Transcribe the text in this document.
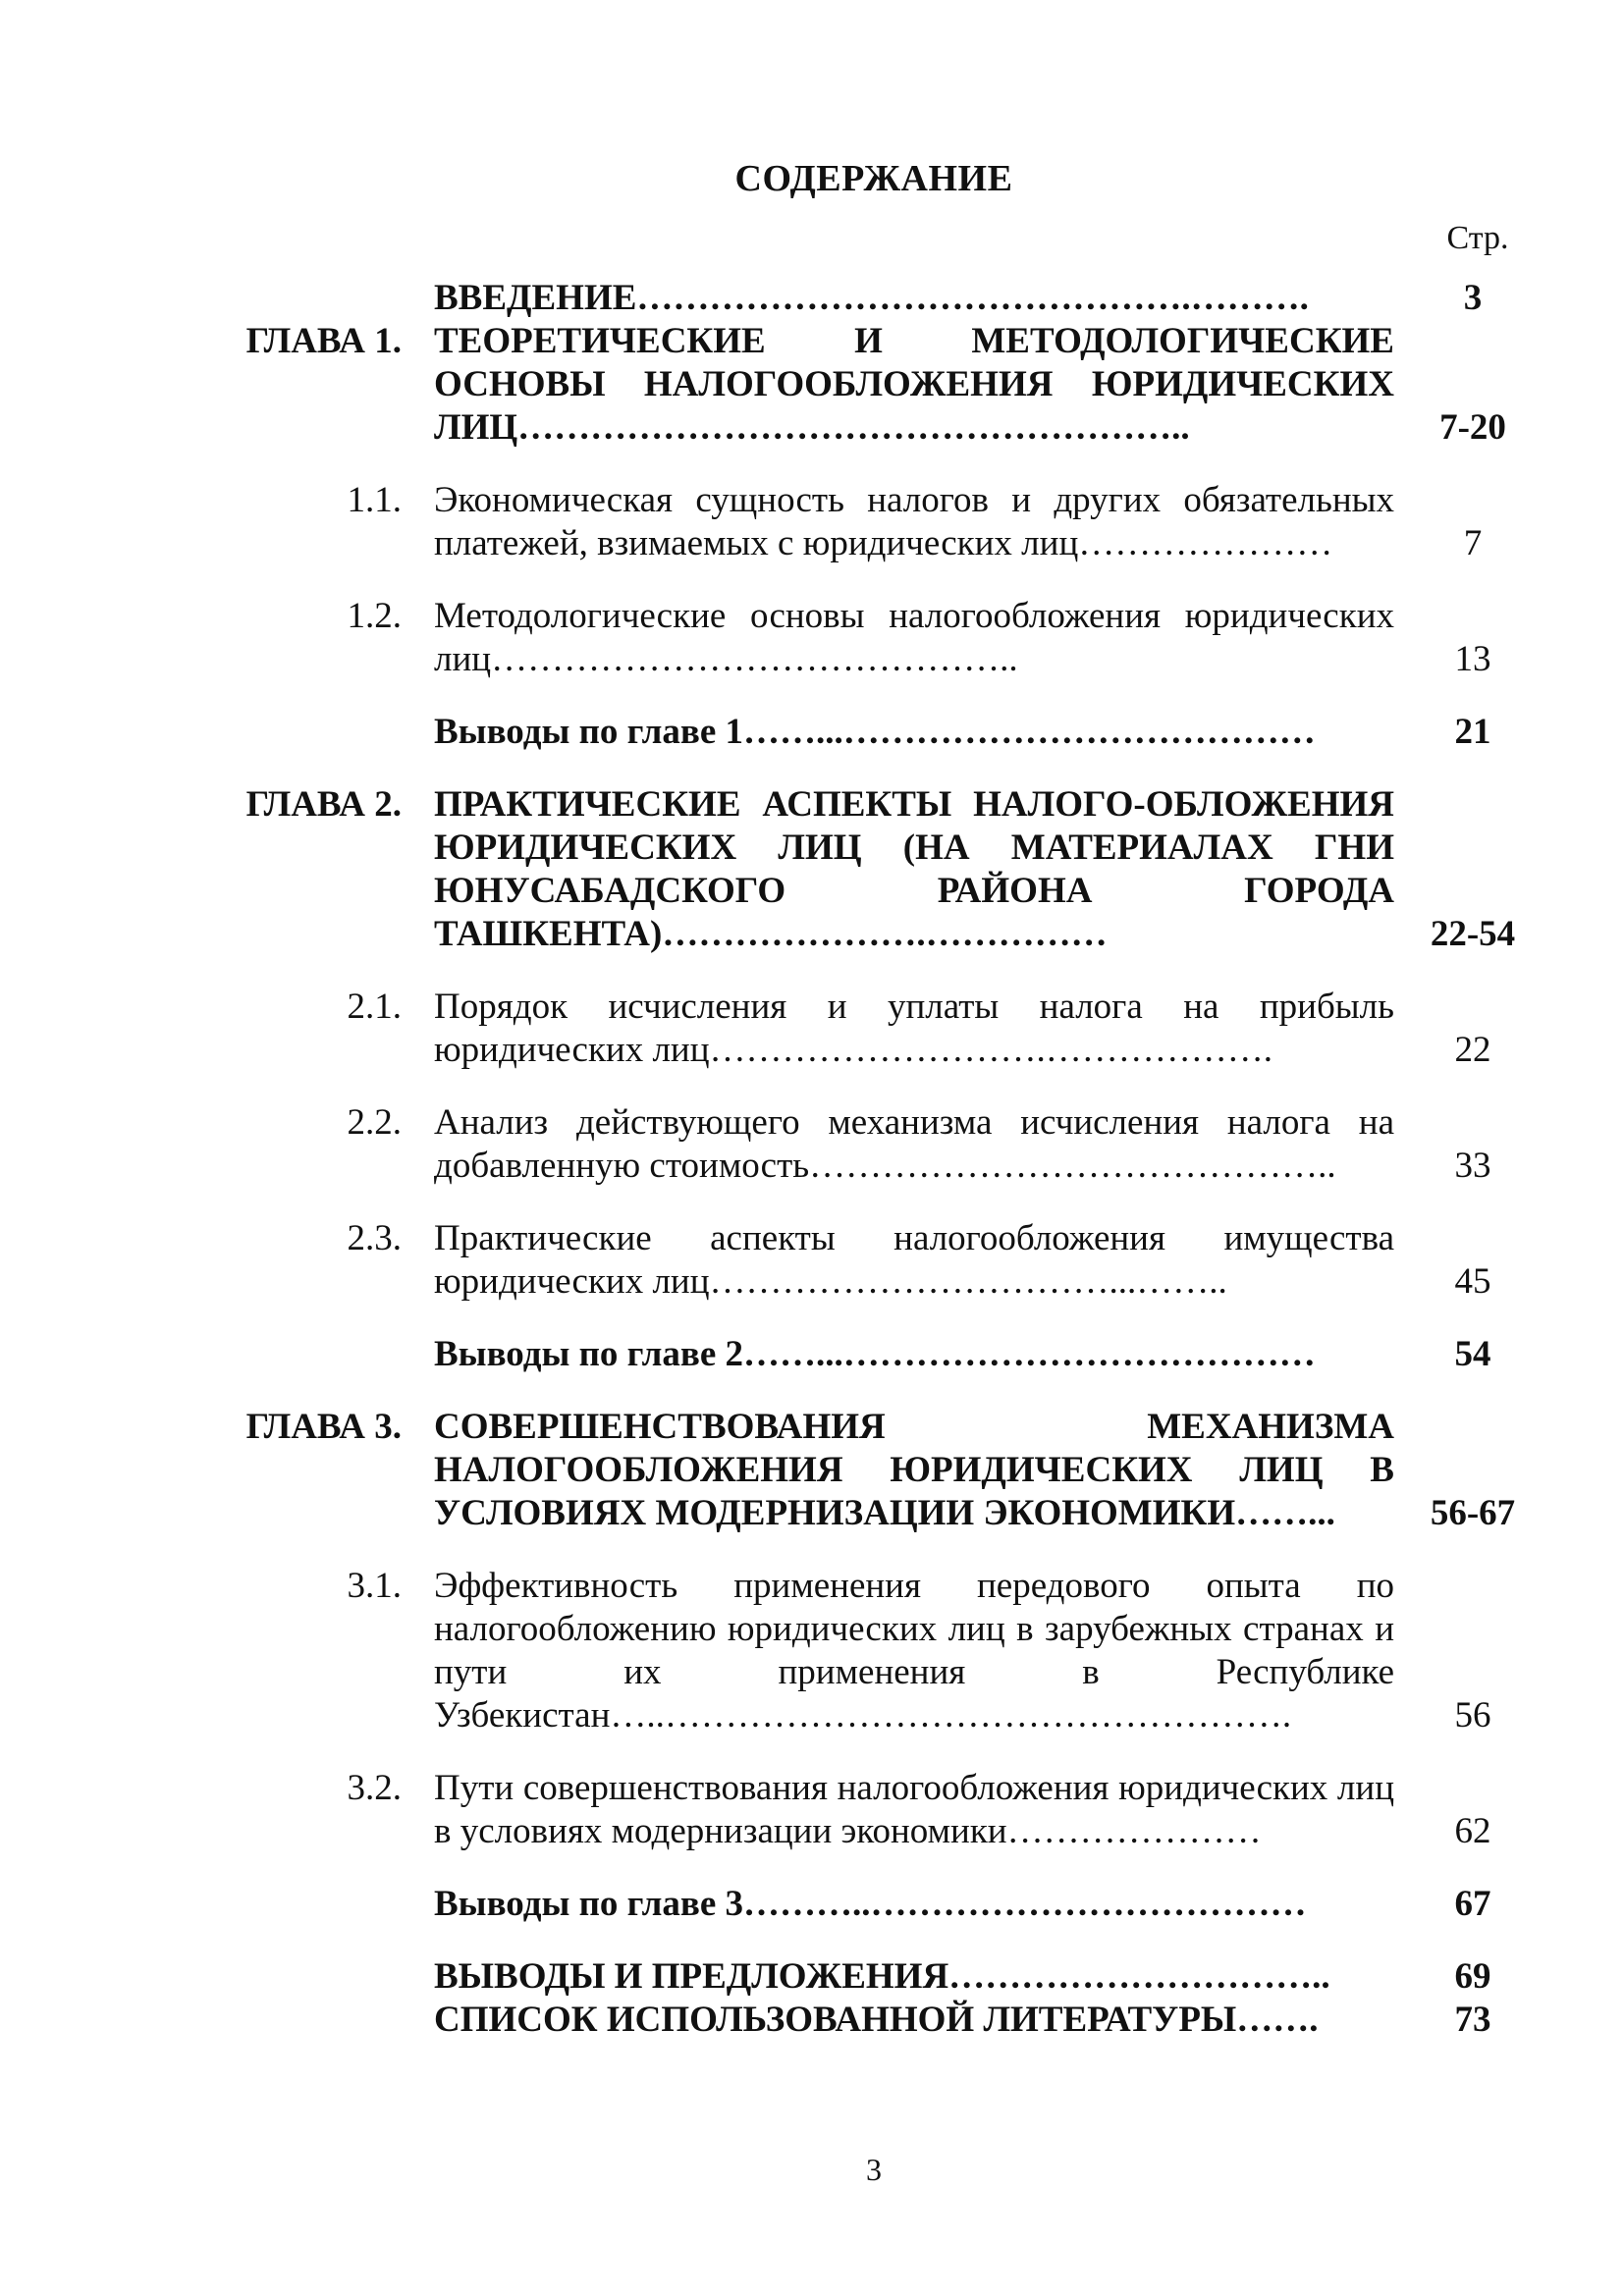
СОДЕРЖАНИЕ
Стр.
ВВЕДЕНИЕ……………………………………….……….	3
ГЛАВА 1. ТЕОРЕТИЧЕСКИЕ И МЕТОДОЛОГИЧЕСКИЕ ОСНОВЫ НАЛОГООБЛОЖЕНИЯ ЮРИДИЧЕСКИХ ЛИЦ………………………………………………..	7-20
1.1. Экономическая сущность налогов и других обязательных платежей, взимаемых с юридических лиц…………………	7
1.2. Методологические основы налогообложения юридических лиц……………………………………..	13
Выводы по главе 1……...…………………………………	21
ГЛАВА 2. ПРАКТИЧЕСКИЕ АСПЕКТЫ НАЛОГО-ОБЛОЖЕНИЯ ЮРИДИЧЕСКИХ ЛИЦ (НА МАТЕРИАЛАХ ГНИ ЮНУСАБАДСКОГО РАЙОНА ГОРОДА ТАШКЕНТА)………………….……………	22-54
2.1. Порядок исчисления и уплаты налога на прибыль юридических лиц……………………….……………….	22
2.2. Анализ действующего механизма исчисления налога на добавленную стоимость……………………………………..	33
2.3. Практические аспекты налогообложения имущества юридических лиц……………………………...……..	45
Выводы по главе 2……...…………………………………	54
ГЛАВА 3. СОВЕРШЕНСТВОВАНИЯ МЕХАНИЗМА НАЛОГООБЛОЖЕНИЯ ЮРИДИЧЕСКИХ ЛИЦ В УСЛОВИЯХ МОДЕРНИЗАЦИИ ЭКОНОМИКИ……...	56-67
3.1. Эффективность применения передового опыта по налогообложению юридических лиц в зарубежных странах и пути их применения в Республике Узбекистан…..…………………………………………….	56
3.2. Пути совершенствования налогообложения юридических лиц в условиях модернизации экономики…………………	62
Выводы по главе 3………..………………………………	67
ВЫВОДЫ И ПРЕДЛОЖЕНИЯ…………………………..	69
СПИСОК ИСПОЛЬЗОВАННОЙ ЛИТЕРАТУРЫ…….	73
3
